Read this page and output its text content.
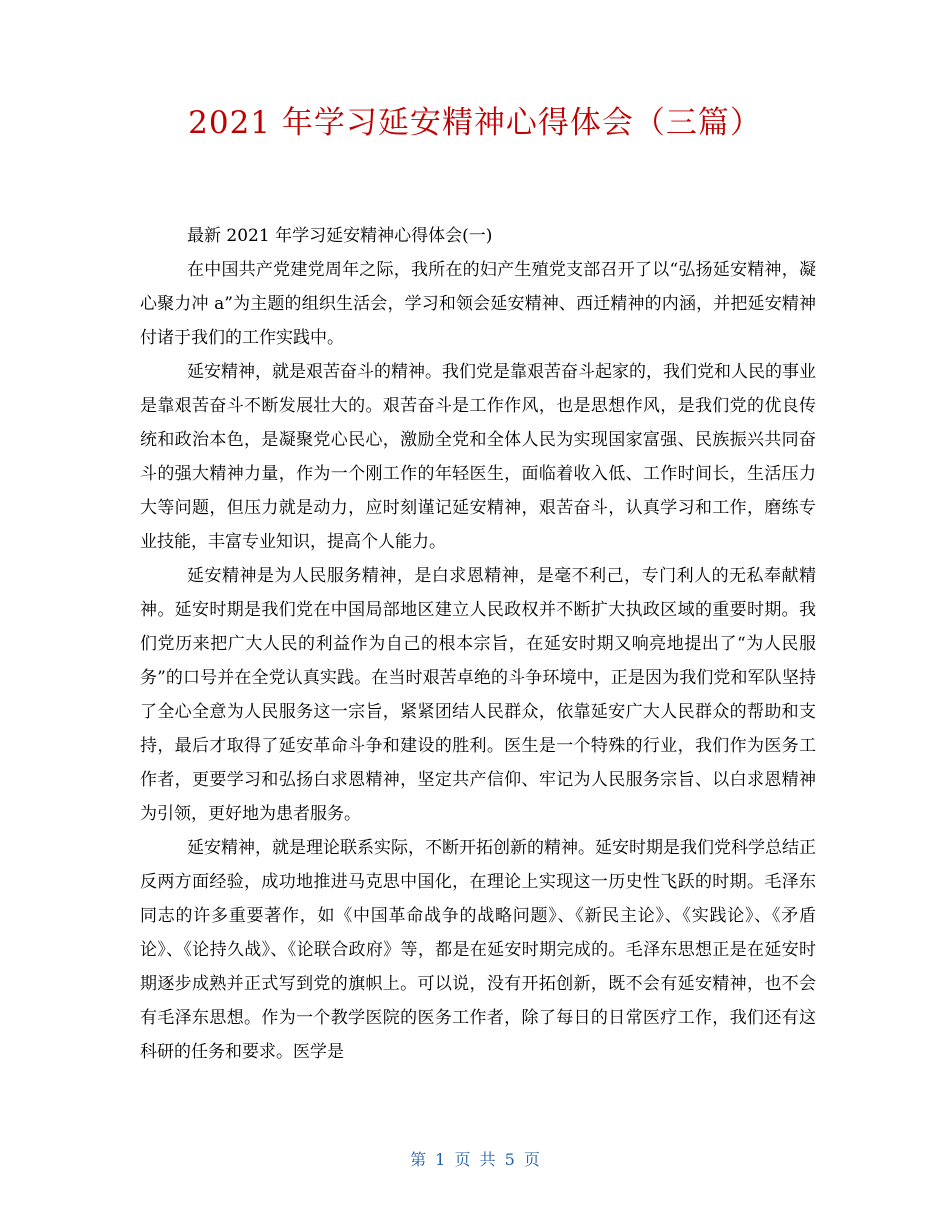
2021 年学习延安精神心得体会（三篇）

最新 2021 年学习延安精神心得体会(一)

在中国共产党建党周年之际，我所在的妇产生殖党支部召开了以“弘扬延安精神，凝心聚力冲 a”为主题的组织生活会，学习和领会延安精神、西迁精神的内涵，并把延安精神付诸于我们的工作实践中。

延安精神，就是艰苦奋斗的精神。我们党是靠艰苦奋斗起家的，我们党和人民的事业是靠艰苦奋斗不断发展壮大的。艰苦奋斗是工作作风，也是思想作风，是我们党的优良传统和政治本色，是凝聚党心民心，激励全党和全体人民为实现国家富强、民族振兴共同奋斗的强大精神力量，作为一个刚工作的年轻医生，面临着收入低、工作时间长，生活压力大等问题，但压力就是动力，应时刻谨记延安精神，艰苦奋斗，认真学习和工作，磨练专业技能，丰富专业知识，提高个人能力。

延安精神是为人民服务精神，是白求恩精神，是毫不利己，专门利人的无私奉献精神。延安时期是我们党在中国局部地区建立人民政权并不断扩大执政区域的重要时期。我们党历来把广大人民的利益作为自己的根本宗旨，在延安时期又响亮地提出了“为人民服务”的口号并在全党认真实践。在当时艰苦卓绝的斗争环境中，正是因为我们党和军队坚持了全心全意为人民服务这一宗旨，紧紧团结人民群众，依靠延安广大人民群众的帮助和支持，最后才取得了延安革命斗争和建设的胜利。医生是一个特殊的行业，我们作为医务工作者，更要学习和弘扬白求恩精神，坚定共产信仰、牢记为人民服务宗旨、以白求恩精神为引领，更好地为患者服务。

延安精神，就是理论联系实际，不断开拓创新的精神。延安时期是我们党科学总结正反两方面经验，成功地推进马克思中国化，在理论上实现这一历史性飞跃的时期。毛泽东同志的许多重要著作，如《中国革命战争的战略问题》、《新民主论》、《实践论》、《矛盾论》、《论持久战》、《论联合政府》等，都是在延安时期完成的。毛泽东思想正是在延安时期逐步成熟并正式写到党的旗帜上。可以说，没有开拓创新，既不会有延安精神，也不会有毛泽东思想。作为一个教学医院的医务工作者，除了每日的日常医疗工作，我们还有这科研的任务和要求。医学是

第 1 页 共 5 页
